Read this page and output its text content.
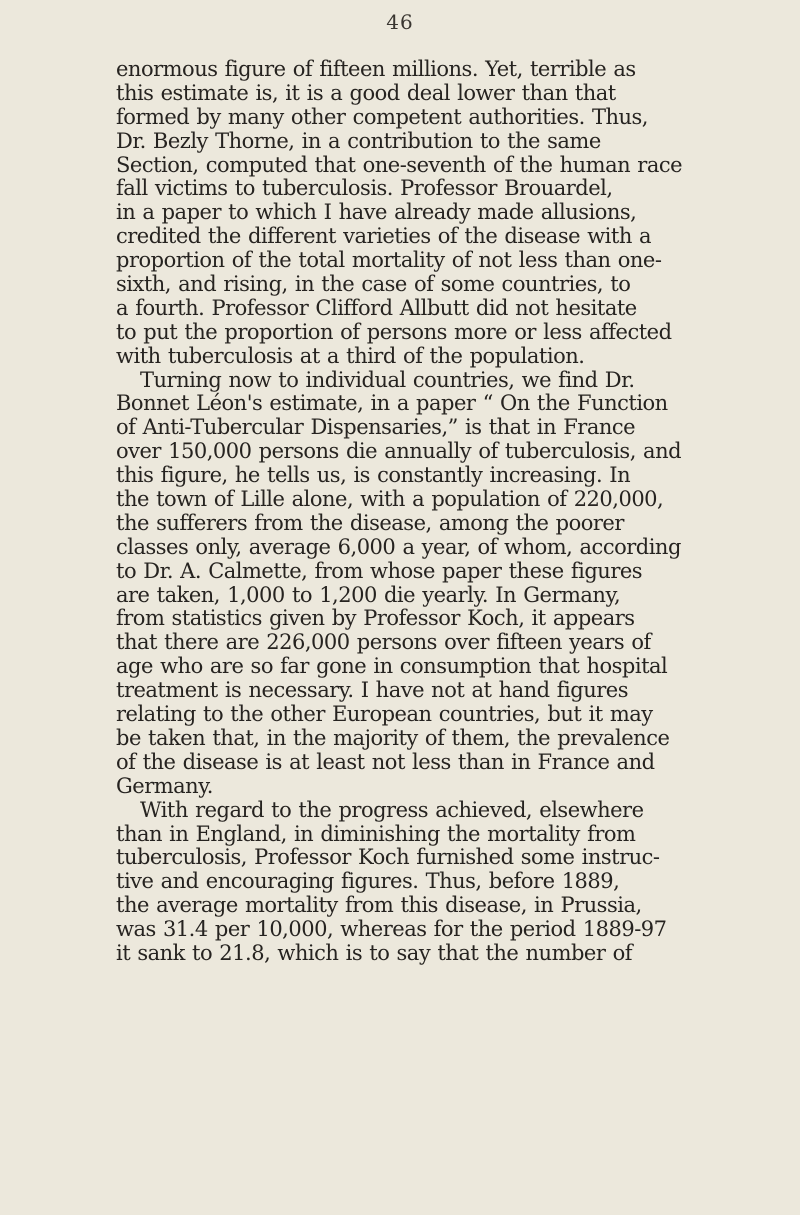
46
enormous figure of fifteen millions. Yet, terrible as
this estimate is, it is a good deal lower than that
formed by many other competent authorities. Thus,
Dr. Bezly Thorne, in a contribution to the same
Section, computed that one-seventh of the human race
fall victims to tuberculosis. Professor Brouardel,
in a paper to which I have already made allusions,
credited the different varieties of the disease with a
proportion of the total mortality of not less than one-
sixth, and rising, in the case of some countries, to
a fourth. Professor Clifford Allbutt did not hesitate
to put the proportion of persons more or less affected
with tuberculosis at a third of the population.
Turning now to individual countries, we find Dr.
Bonnet Léon's estimate, in a paper “ On the Function
of Anti-Tubercular Dispensaries,” is that in France
over 150,000 persons die annually of tuberculosis, and
this figure, he tells us, is constantly increasing. In
the town of Lille alone, with a population of 220,000,
the sufferers from the disease, among the poorer
classes only, average 6,000 a year, of whom, according
to Dr. A. Calmette, from whose paper these figures
are taken, 1,000 to 1,200 die yearly. In Germany,
from statistics given by Professor Koch, it appears
that there are 226,000 persons over fifteen years of
age who are so far gone in consumption that hospital
treatment is necessary. I have not at hand figures
relating to the other European countries, but it may
be taken that, in the majority of them, the prevalence
of the disease is at least not less than in France and
Germany.
With regard to the progress achieved, elsewhere
than in England, in diminishing the mortality from
tuberculosis, Professor Koch furnished some instruc-
tive and encouraging figures. Thus, before 1889,
the average mortality from this disease, in Prussia,
was 31.4 per 10,000, whereas for the period 1889-97
it sank to 21.8, which is to say that the number of
